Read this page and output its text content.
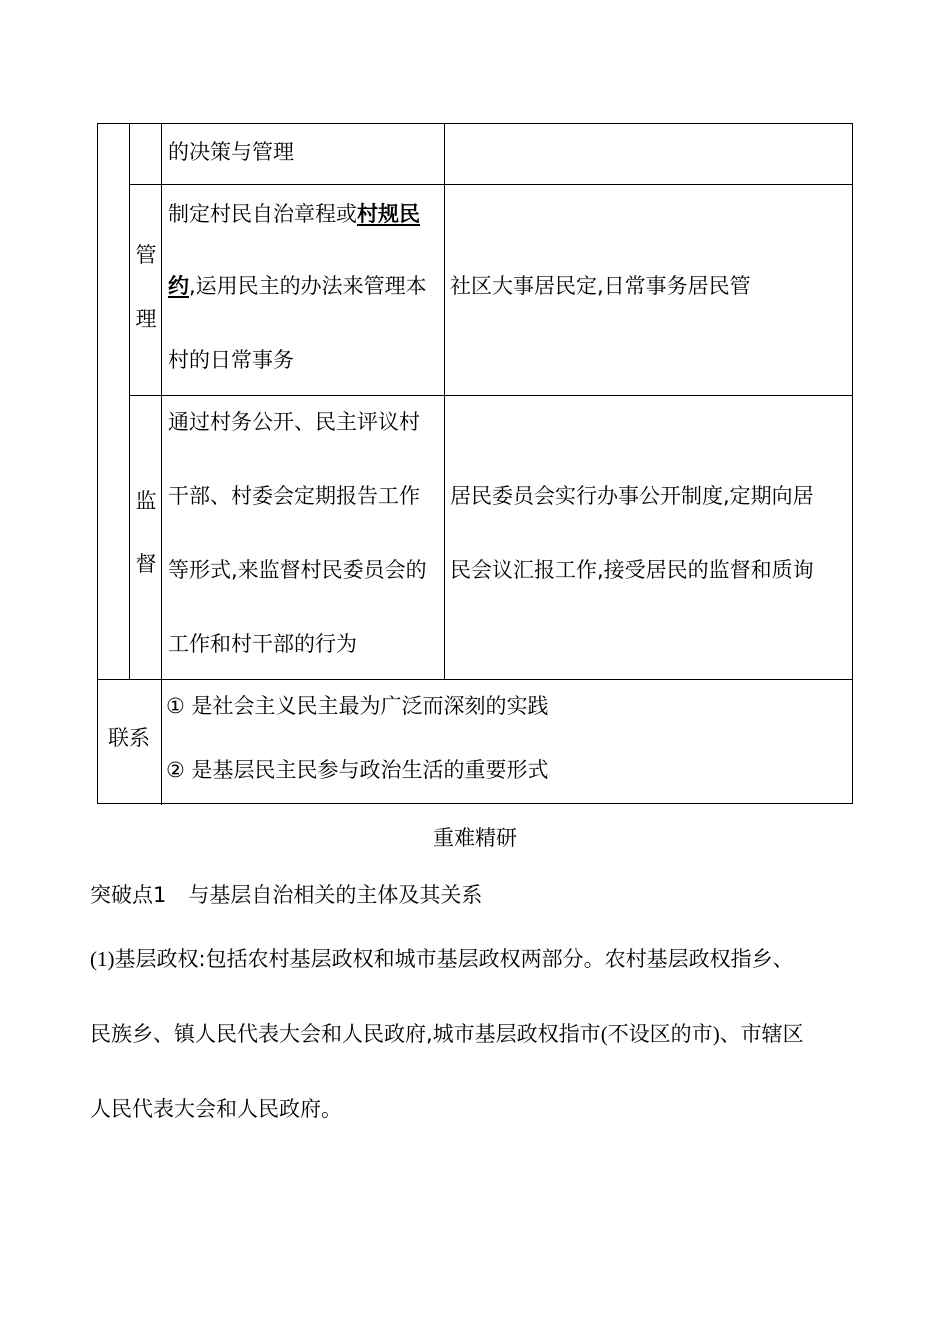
的决策与管理
管
理
制定村民自治章程或村规民
约,运用民主的办法来管理本
村的日常事务
社区大事居民定,日常事务居民管
监
督
通过村务公开、民主评议村
干部、村委会定期报告工作
等形式,来监督村民委员会的
工作和村干部的行为
居民委员会实行办事公开制度,定期向居
民会议汇报工作,接受居民的监督和质询
联系
① 是社会主义民主最为广泛而深刻的实践
② 是基层民主民参与政治生活的重要形式
重难精研
突破点1 与基层自治相关的主体及其关系
(1)基层政权:包括农村基层政权和城市基层政权两部分。农村基层政权指乡、
民族乡、镇人民代表大会和人民政府,城市基层政权指市(不设区的市)、市辖区
人民代表大会和人民政府。
